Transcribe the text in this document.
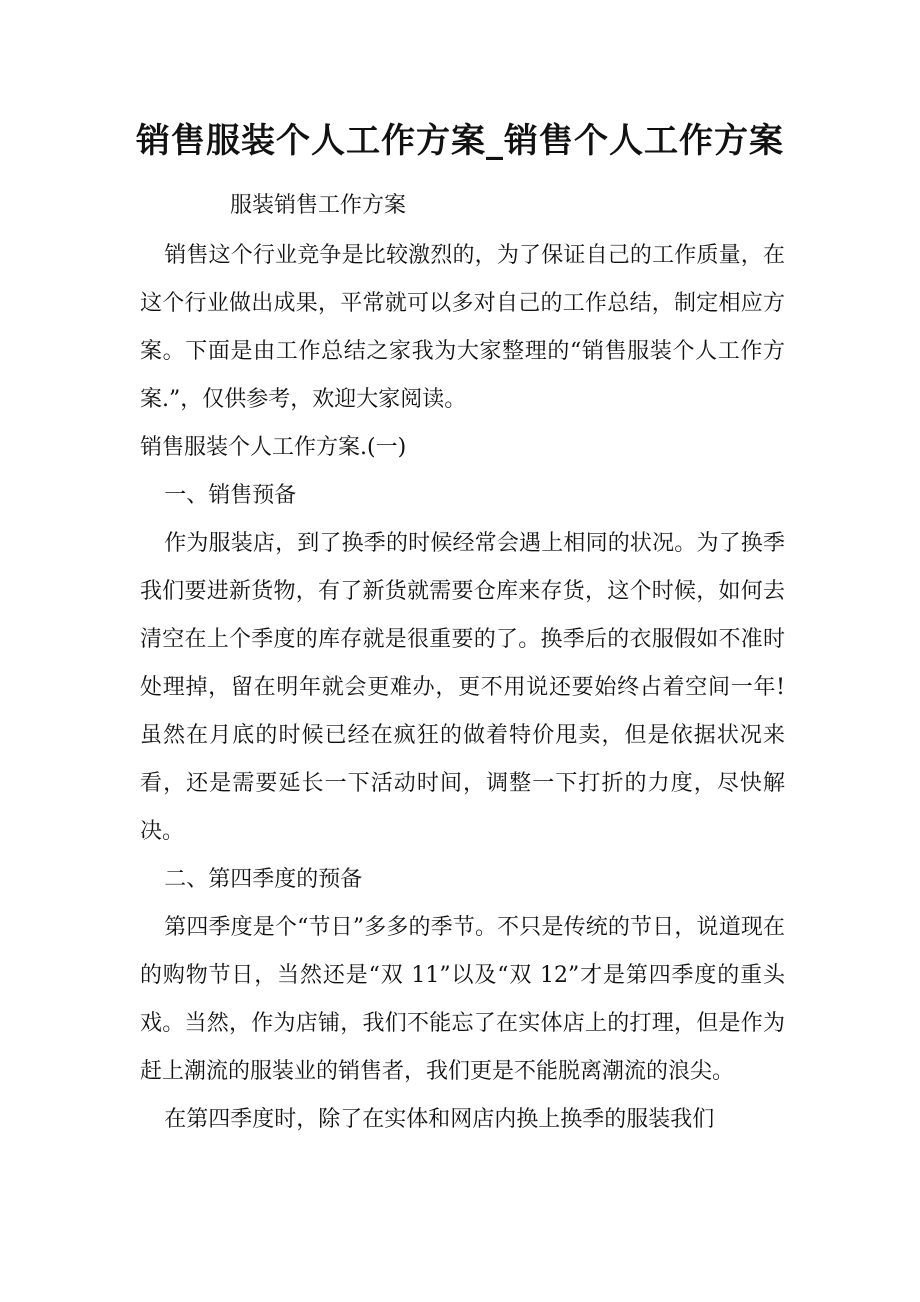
销售服装个人工作方案_销售个人工作方案

服装销售工作方案

销售这个行业竞争是比较激烈的，为了保证自己的工作质量，在这个行业做出成果，平常就可以多对自己的工作总结，制定相应方案。下面是由工作总结之家我为大家整理的“销售服装个人工作方案.”，仅供参考，欢迎大家阅读。

销售服装个人工作方案.(一)

一、销售预备

作为服装店，到了换季的时候经常会遇上相同的状况。为了换季我们要进新货物，有了新货就需要仓库来存货，这个时候，如何去清空在上个季度的库存就是很重要的了。换季后的衣服假如不准时处理掉，留在明年就会更难办，更不用说还要始终占着空间一年!虽然在月底的时候已经在疯狂的做着特价甩卖，但是依据状况来看，还是需要延长一下活动时间，调整一下打折的力度，尽快解决。

二、第四季度的预备

第四季度是个“节日”多多的季节。不只是传统的节日，说道现在的购物节日，当然还是“双 11”以及“双 12”才是第四季度的重头戏。当然，作为店铺，我们不能忘了在实体店上的打理，但是作为赶上潮流的服装业的销售者，我们更是不能脱离潮流的浪尖。

在第四季度时，除了在实体和网店内换上换季的服装我们
